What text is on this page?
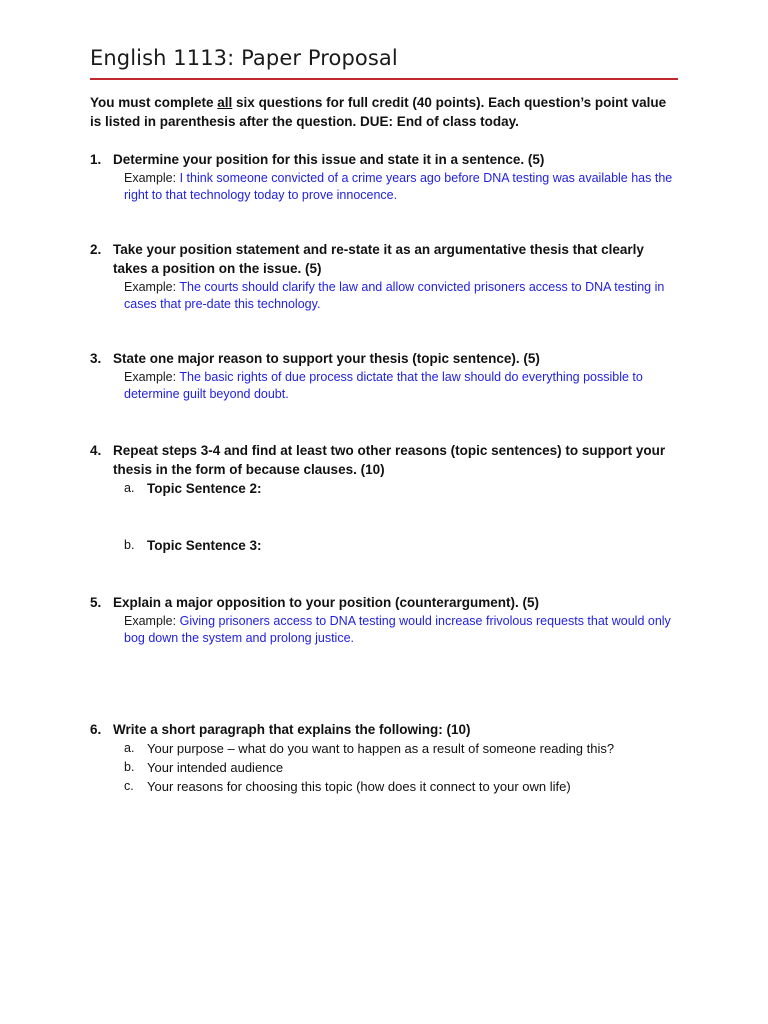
English 1113: Paper Proposal
You must complete all six questions for full credit (40 points). Each question’s point value is listed in parenthesis after the question. DUE: End of class today.
1. Determine your position for this issue and state it in a sentence. (5)
Example: I think someone convicted of a crime years ago before DNA testing was available has the right to that technology today to prove innocence.
2. Take your position statement and re-state it as an argumentative thesis that clearly takes a position on the issue. (5)
Example: The courts should clarify the law and allow convicted prisoners access to DNA testing in cases that pre-date this technology.
3. State one major reason to support your thesis (topic sentence). (5)
Example: The basic rights of due process dictate that the law should do everything possible to determine guilt beyond doubt.
4. Repeat steps 3-4 and find at least two other reasons (topic sentences) to support your thesis in the form of because clauses. (10)
a. Topic Sentence 2:
b. Topic Sentence 3:
5. Explain a major opposition to your position (counterargument). (5)
Example: Giving prisoners access to DNA testing would increase frivolous requests that would only bog down the system and prolong justice.
6. Write a short paragraph that explains the following: (10)
a. Your purpose – what do you want to happen as a result of someone reading this?
b. Your intended audience
c. Your reasons for choosing this topic (how does it connect to your own life)
